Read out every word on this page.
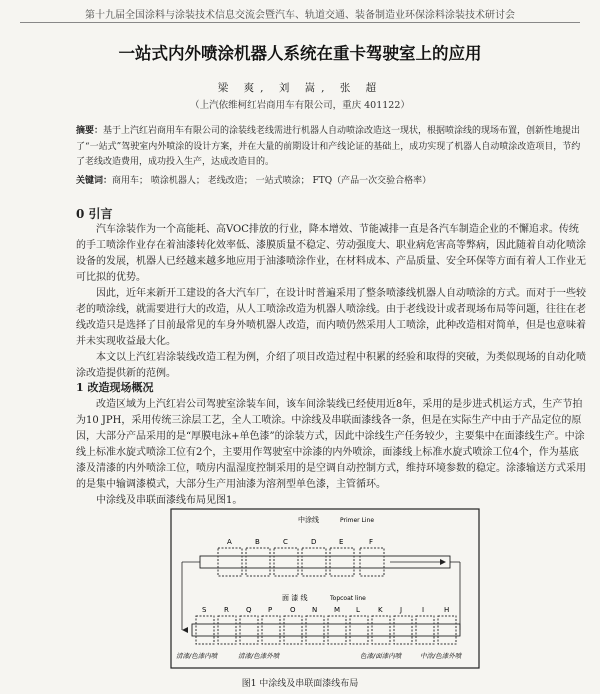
第十九届全国涂料与涂装技术信息交流会暨汽车、轨道交通、装备制造业环保涂料涂装技术研讨会
一站式内外喷涂机器人系统在重卡驾驶室上的应用
梁 爽, 刘 嵩, 张 超
（上汽依维柯红岩商用车有限公司，重庆 401122）

摘要：基于上汽红岩商用车有限公司的涂装线老线需进行机器人自动喷涂改造这一现状，根据喷涂线的现场布置，创新性地提出了“一站式”驾驶室内外喷涂的设计方案，并在大量的前期设计和产线论证的基础上，成功实现了机器人自动喷涂改造项目，节约了老线改造费用，成功投入生产，达成改造目的。

关键词：商用车； 喷涂机器人； 老线改造； 一站式喷涂； FTQ（产品一次交验合格率）

0 引言

汽车涂装作为一个高能耗、高VOC排放的行业，降本增效、节能减排一直是各汽车制造企业的不懈追求。传统的手工喷涂作业存在着油漆转化效率低、漆膜质量不稳定、劳动强度大、职业病危害高等弊病，因此随着自动化喷涂设备的发展，机器人已经越来越多地应用于油漆喷涂作业，在材料成本、产品质量、安全环保等方面有着人工作业无可比拟的优势。

因此，近年来新开工建设的各大汽车厂，在设计时普遍采用了整条喷漆线机器人自动喷涂的方式。而对于一些较老的喷涂线，就需要进行大的改造，从人工喷涂改造为机器人喷涂线。由于老线设计或者现场布局等问题，往往在老线改造只是选择了目前最常见的车身外喷机器人改造，而内喷仍然采用人工喷涂，此种改造相对简单，但是也意味着并未实现收益最大化。

本文以上汽红岩涂装线改造工程为例，介绍了项目改造过程中积累的经验和取得的突破，为类似现场的自动化喷涂改造提供新的范例。

1 改造现场概况

改造区域为上汽红岩公司驾驶室涂装车间，该车间涂装线已经使用近8年，采用的是步进式机运方式，生产节拍为10 JPH，采用传统三涂层工艺，全人工喷涂。中涂线及串联面漆线各一条，但是在实际生产中由于产品定位的原因，大部分产品采用的是“厚膜电泳+单色漆”的涂装方式，因此中涂线生产任务较少，主要集中在面漆线生产。中涂线上标准水旋式喷涂工位有2个，主要用作驾驶室中涂漆的内外喷涂，面漆线上标准水旋式喷涂工位4个，作为基底漆及清漆的内外喷涂工位，喷房内温湿度控制采用的是空调自动控制方式，维持环境参数的稳定。涂漆输送方式采用的是集中输调漆模式，大部分生产用油漆为溶剂型单色漆，主管循环。

中涂线及串联面漆线布局见图1。

中涂线	Primer Line
A	B	C	D	E	F
面 漆 线	Topcoat line
S	R Q P	O N M L	K J	I	H
清漆/色漆内喷	清漆/色漆外喷	色漆/面漆内喷	中涂/色漆外喷
图1 中涂线及串联面漆线布局
